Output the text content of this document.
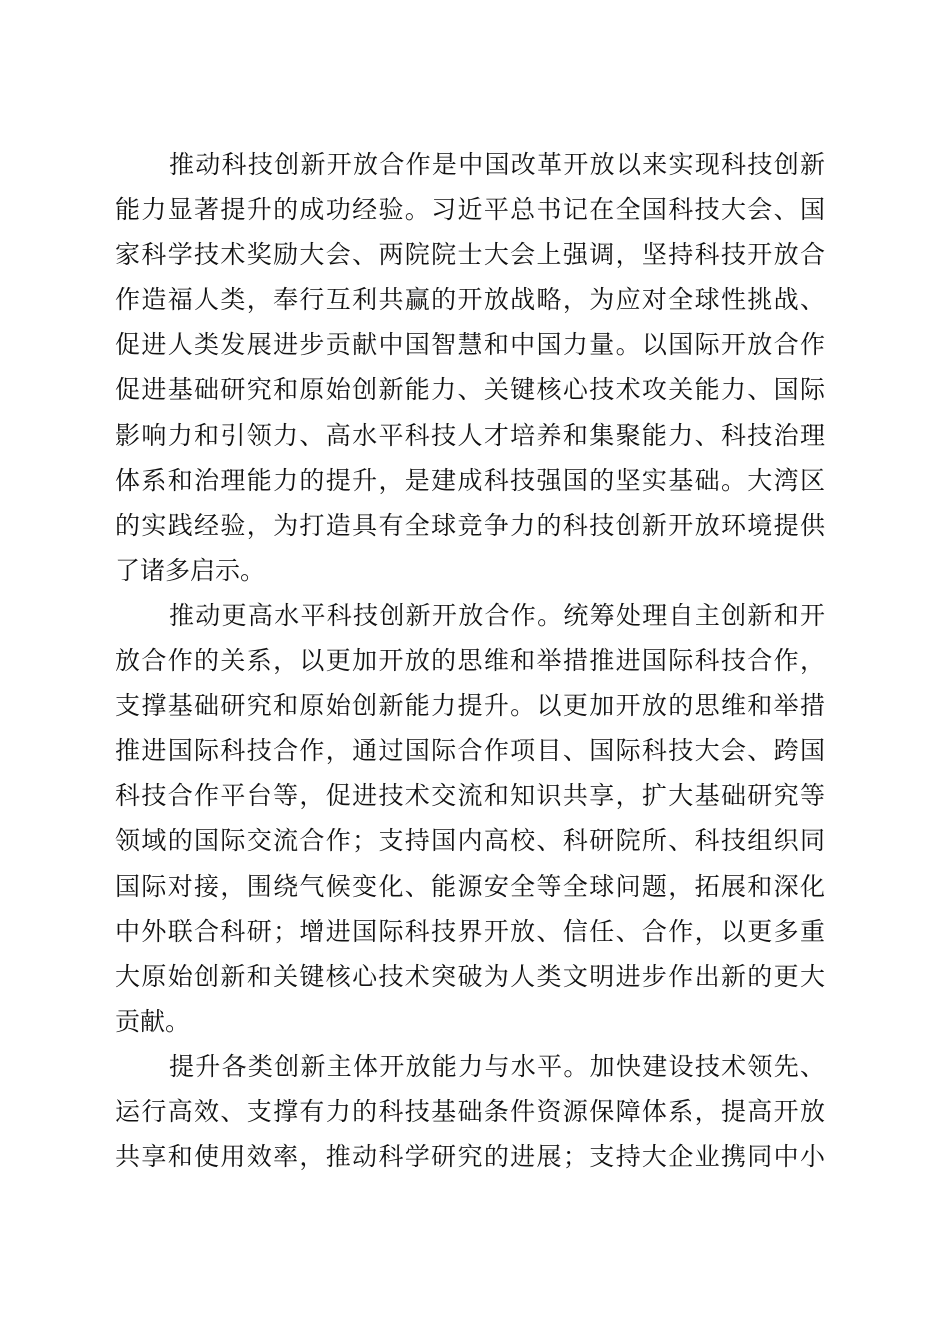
推动科技创新开放合作是中国改革开放以来实现科技创新
能力显著提升的成功经验。习近平总书记在全国科技大会、国
家科学技术奖励大会、两院院士大会上强调，坚持科技开放合
作造福人类，奉行互利共赢的开放战略，为应对全球性挑战、
促进人类发展进步贡献中国智慧和中国力量。以国际开放合作
促进基础研究和原始创新能力、关键核心技术攻关能力、国际
影响力和引领力、高水平科技人才培养和集聚能力、科技治理
体系和治理能力的提升，是建成科技强国的坚实基础。大湾区
的实践经验，为打造具有全球竞争力的科技创新开放环境提供
了诸多启示。
推动更高水平科技创新开放合作。统筹处理自主创新和开
放合作的关系，以更加开放的思维和举措推进国际科技合作，
支撑基础研究和原始创新能力提升。以更加开放的思维和举措
推进国际科技合作，通过国际合作项目、国际科技大会、跨国
科技合作平台等，促进技术交流和知识共享，扩大基础研究等
领域的国际交流合作；支持国内高校、科研院所、科技组织同
国际对接，围绕气候变化、能源安全等全球问题，拓展和深化
中外联合科研；增进国际科技界开放、信任、合作，以更多重
大原始创新和关键核心技术突破为人类文明进步作出新的更大
贡献。
提升各类创新主体开放能力与水平。加快建设技术领先、
运行高效、支撑有力的科技基础条件资源保障体系，提高开放
共享和使用效率，推动科学研究的进展；支持大企业携同中小
